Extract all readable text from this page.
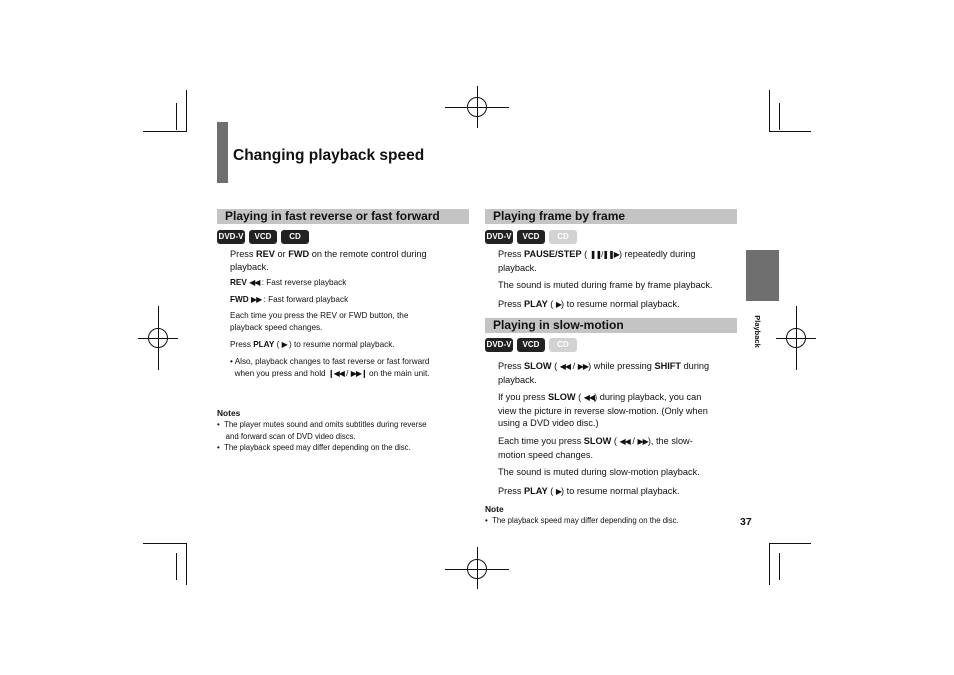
Changing playback speed
Playback
37
Playing in fast reverse or fast forward
DVD-V	VCD	CD
Press REV or FWD on the remote control during
playback.
REV ◀◀ : Fast reverse playback
FWD ▶▶ : Fast forward playback
Each time you press the REV or FWD button, the
playback speed changes.
Press PLAY ( ▶ ) to resume normal playback.
• Also, playback changes to fast reverse or fast forward
when you press and hold ❙◀◀ / ▶▶❙ on the main unit.
Notes
•  The player mutes sound and omits subtitles during reverse
and forward scan of DVD video discs.
•  The playback speed may differ depending on the disc.
Playing frame by frame
DVD-V	VCD	CD
Press PAUSE/STEP ( ❚❚/❚❚▶) repeatedly during
playback.
The sound is muted during frame by frame playback.
Press PLAY ( ▶) to resume normal playback.
Playing in slow-motion
DVD-V	VCD	CD
Press SLOW ( ◀◀ / ▶▶) while pressing SHIFT during
playback.
If you press SLOW ( ◀◀) during playback, you can
view the picture in reverse slow-motion. (Only when
using a DVD video disc.)
Each time you press SLOW ( ◀◀ / ▶▶), the slow-
motion speed changes.
The sound is muted during slow-motion playback.
Press PLAY ( ▶) to resume normal playback.
Note
•  The playback speed may differ depending on the disc.
